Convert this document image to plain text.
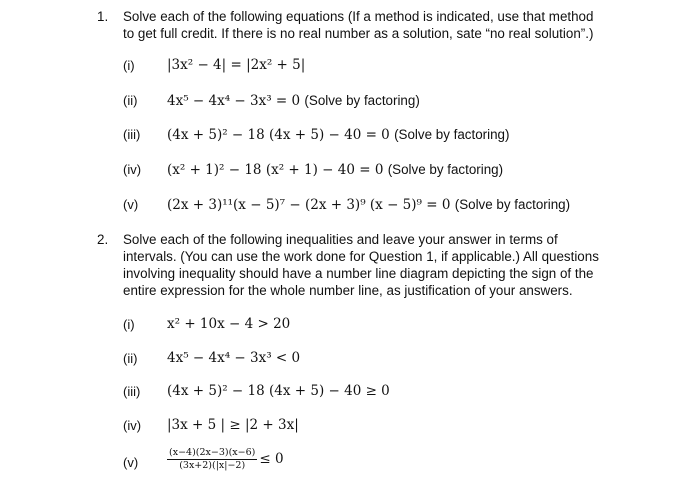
1. Solve each of the following equations (If a method is indicated, use that method
to get full credit. If there is no real number as a solution, sate “no real solution”.)
(i) |3x² − 4| = |2x² + 5|
(ii) 4x⁵ − 4x⁴ − 3x³ = 0 (Solve by factoring)
(iii) (4x + 5)² − 18 (4x + 5) − 40 = 0 (Solve by factoring)
(iv) (x² + 1)² − 18 (x² + 1) − 40 = 0 (Solve by factoring)
(v) (2x + 3)¹¹(x − 5)⁷ − (2x + 3)⁹ (x − 5)⁹ = 0 (Solve by factoring)
2. Solve each of the following inequalities and leave your answer in terms of
intervals. (You can use the work done for Question 1, if applicable.) All questions
involving inequality should have a number line diagram depicting the sign of the
entire expression for the whole number line, as justification of your answers.
(i) x² + 10x − 4 > 20
(ii) 4x⁵ − 4x⁴ − 3x³ < 0
(iii) (4x + 5)² − 18 (4x + 5) − 40 ≥ 0
(iv) |3x + 5 | ≥ |2 + 3x|
(v)	$\frac{(x-4)(2x-3)(x-6)}{(3x+2)(|x|-2)} \le 0$
